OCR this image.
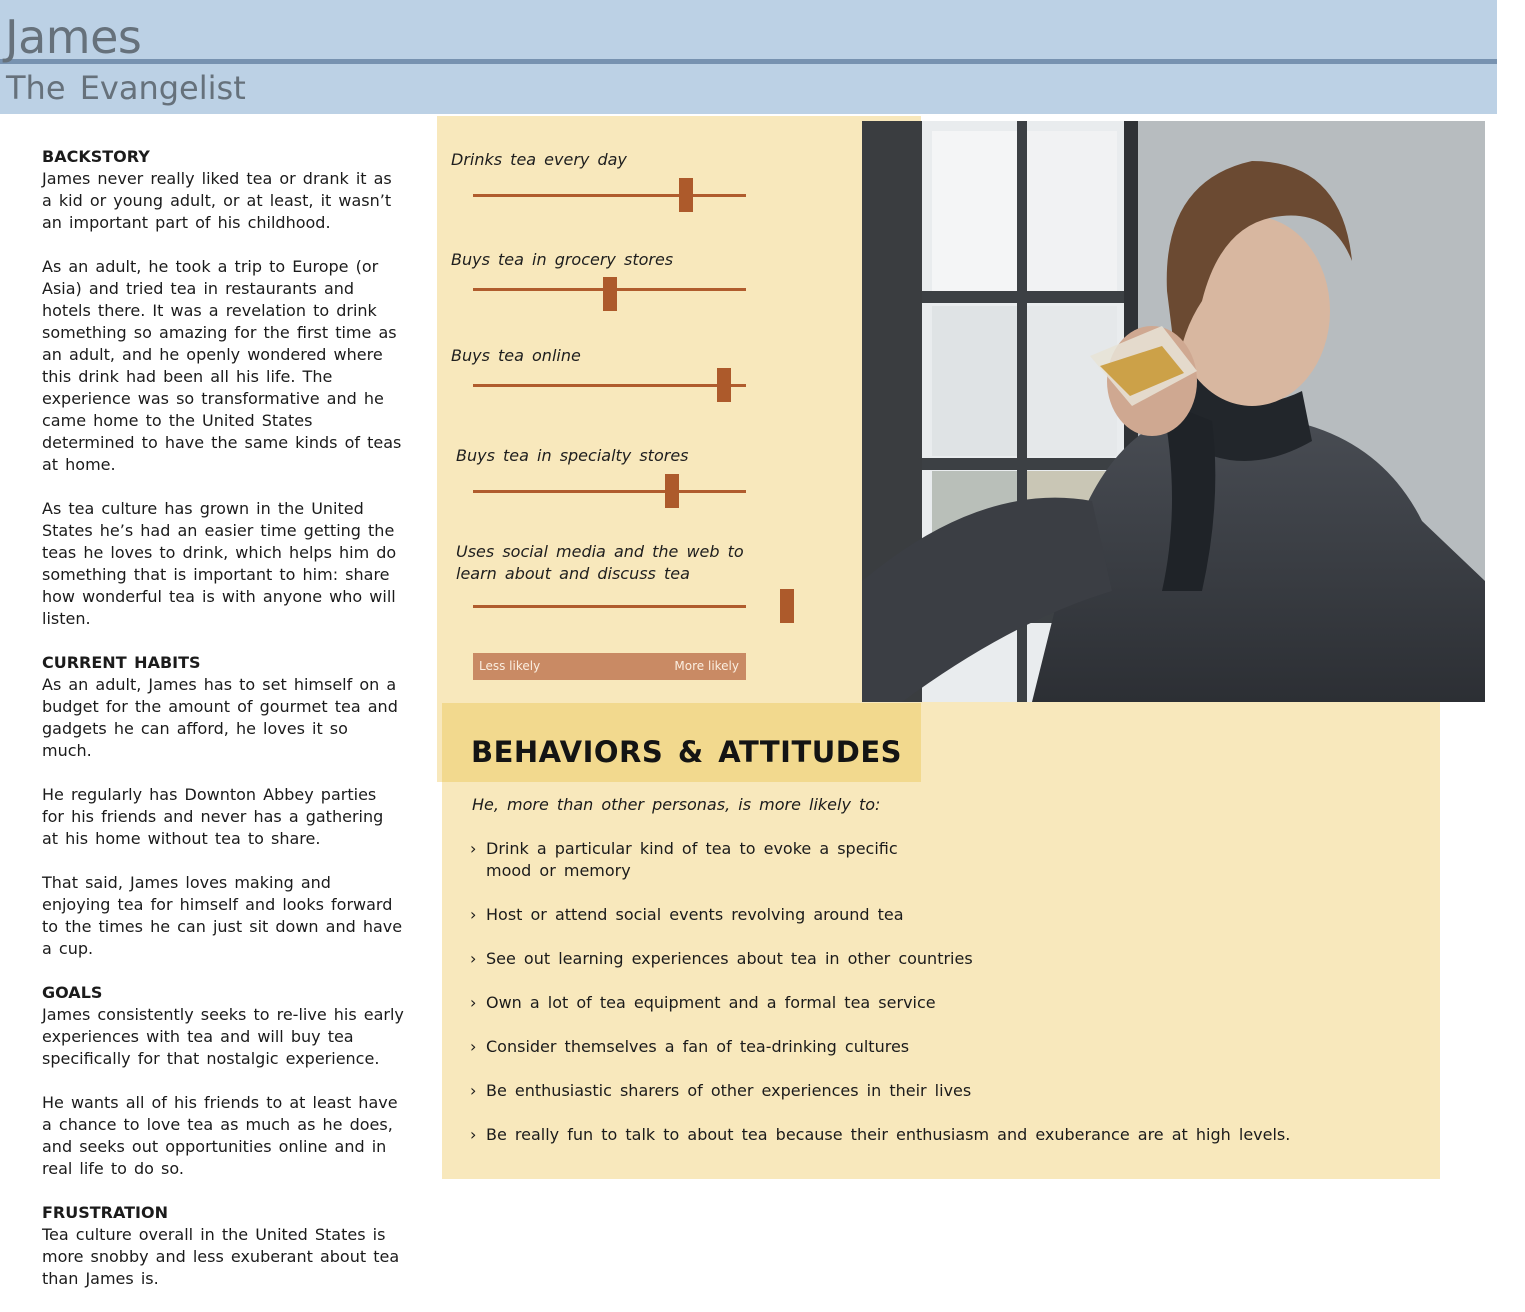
James
The Evangelist
BACKSTORY

James never really liked tea or drank it as a kid or young adult, or at least, it wasn’t an important part of his childhood.

As an adult, he took a trip to Europe (or Asia) and tried tea in restaurants and hotels there. It was a revelation to drink something so amazing for the first time as an adult, and he openly wondered where this drink had been all his life. The experience was so transformative and he came home to the United States determined to have the same kinds of teas at home.

As tea culture has grown in the United States he’s had an easier time getting the teas he loves to drink, which helps him do something that is important to him: share how wonderful tea is with anyone who will listen.

CURRENT HABITS

As an adult, James has to set himself on a budget for the amount of gourmet tea and gadgets he can afford, he loves it so much.

He regularly has Downton Abbey parties for his friends and never has a gathering at his home without tea to share.

That said, James loves making and enjoying tea for himself and looks forward to the times he can just sit down and have a cup.

GOALS

James consistently seeks to re-live his early experiences with tea and will buy tea specifically for that nostalgic experience.

He wants all of his friends to at least have a chance to love tea as much as he does, and seeks out opportunities online and in real life to do so.

FRUSTRATION

Tea culture overall in the United States is more snobby and less exuberant about tea than James is.

Drinks tea every day
Buys tea in grocery stores
Buys tea online
Buys tea in specialty stores
Uses social media and the web to learn about and discuss tea
Less likely	More likely
BEHAVIORS & ATTITUDES
He, more than other personas, is more likely to:
› Drink a particular kind of tea to evoke a specific
mood or memory
› Host or attend social events revolving around tea
› See out learning experiences about tea in other countries
› Own a lot of tea equipment and a formal tea service
› Consider themselves a fan of tea-drinking cultures
› Be enthusiastic sharers of other experiences in their lives
› Be really fun to talk to about tea because their enthusiasm and exuberance are at high levels.
